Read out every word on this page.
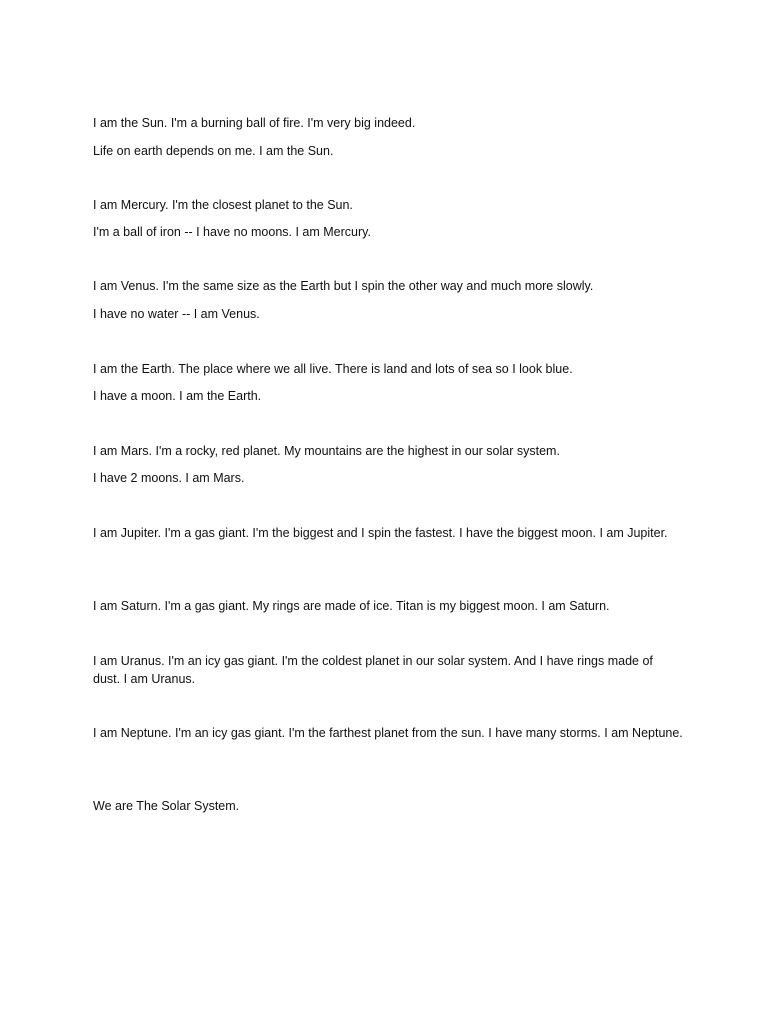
I am the Sun. I'm a burning ball of fire. I'm very big indeed.

Life on earth depends on me. I am the Sun.

I am Mercury. I'm the closest planet to the Sun.

I'm a ball of iron -- I have no moons. I am Mercury.

I am Venus. I'm the same size as the Earth but I spin the other way and much more slowly.

I have no water -- I am Venus.

I am the Earth. The place where we all live. There is land and lots of sea so I look blue.

I have a moon. I am the Earth.

I am Mars. I'm a rocky, red planet. My mountains are the highest in our solar system.

I have 2 moons. I am Mars.

I am Jupiter. I'm a gas giant. I'm the biggest and I spin the fastest. I have the biggest moon. I am Jupiter.

I am Saturn. I'm a gas giant. My rings are made of ice. Titan is my biggest moon. I am Saturn.

I am Uranus. I'm an icy gas giant. I'm the coldest planet in our solar system. And I have rings made of dust. I am Uranus.

I am Neptune. I'm an icy gas giant. I'm the farthest planet from the sun. I have many storms. I am Neptune.

We are The Solar System.
